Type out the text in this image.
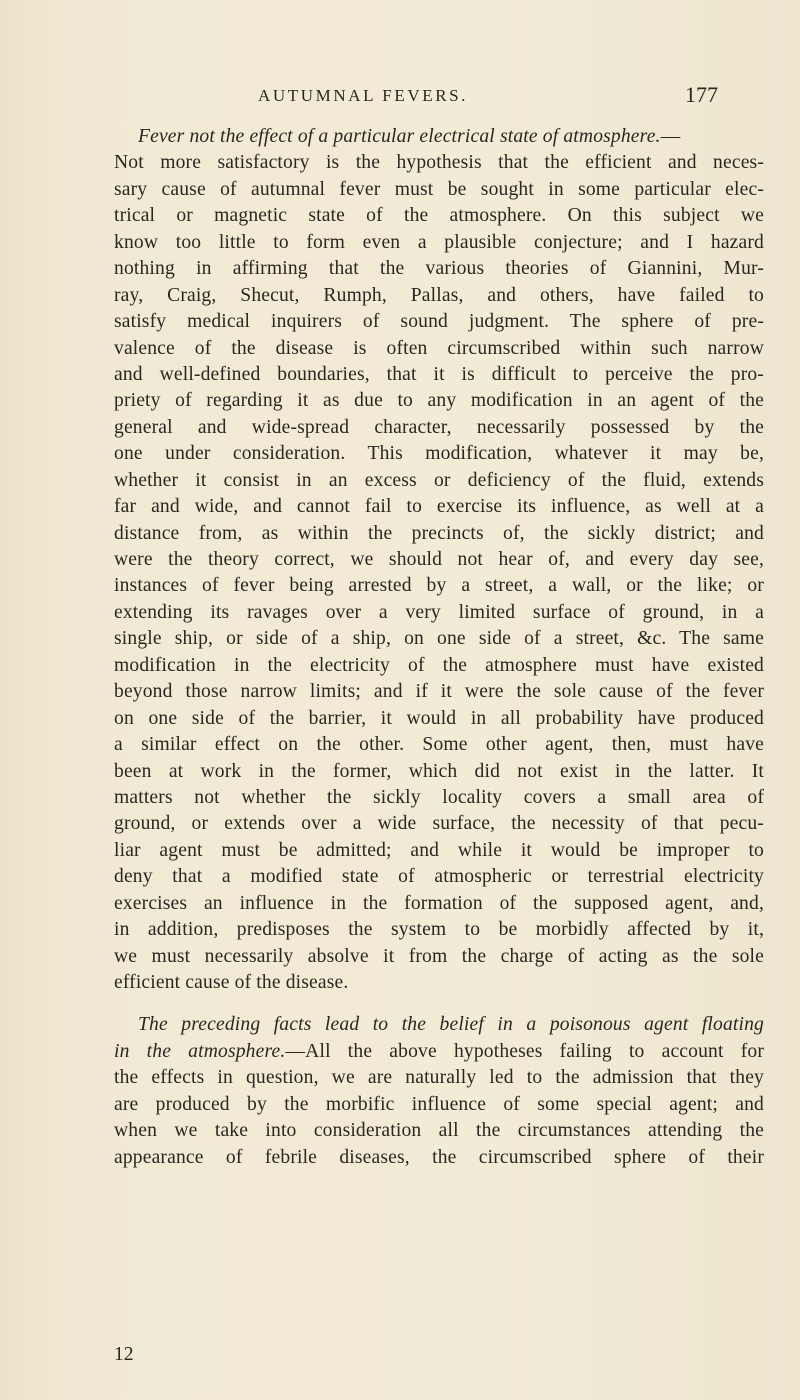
AUTUMNAL FEVERS.	177
Fever not the effect of a particular electrical state of atmosphere.—
Not more satisfactory is the hypothesis that the efficient and neces-
sary cause of autumnal fever must be sought in some particular elec-
trical or magnetic state of the atmosphere. On this subject we
know too little to form even a plausible conjecture; and I hazard
nothing in affirming that the various theories of Giannini, Mur-
ray, Craig, Shecut, Rumph, Pallas, and others, have failed to
satisfy medical inquirers of sound judgment. The sphere of pre-
valence of the disease is often circumscribed within such narrow
and well-defined boundaries, that it is difficult to perceive the pro-
priety of regarding it as due to any modification in an agent of the
general and wide-spread character, necessarily possessed by the
one under consideration. This modification, whatever it may be,
whether it consist in an excess or deficiency of the fluid, extends
far and wide, and cannot fail to exercise its influence, as well at a
distance from, as within the precincts of, the sickly district; and
were the theory correct, we should not hear of, and every day see,
instances of fever being arrested by a street, a wall, or the like; or
extending its ravages over a very limited surface of ground, in a
single ship, or side of a ship, on one side of a street, &c. The same
modification in the electricity of the atmosphere must have existed
beyond those narrow limits; and if it were the sole cause of the fever
on one side of the barrier, it would in all probability have produced
a similar effect on the other. Some other agent, then, must have
been at work in the former, which did not exist in the latter. It
matters not whether the sickly locality covers a small area of
ground, or extends over a wide surface, the necessity of that pecu-
liar agent must be admitted; and while it would be improper to
deny that a modified state of atmospheric or terrestrial electricity
exercises an influence in the formation of the supposed agent, and,
in addition, predisposes the system to be morbidly affected by it,
we must necessarily absolve it from the charge of acting as the sole
efficient cause of the disease.
The preceding facts lead to the belief in a poisonous agent floating
in the atmosphere.—All the above hypotheses failing to account for
the effects in question, we are naturally led to the admission that they
are produced by the morbific influence of some special agent; and
when we take into consideration all the circumstances attending the
appearance of febrile diseases, the circumscribed sphere of their
12
